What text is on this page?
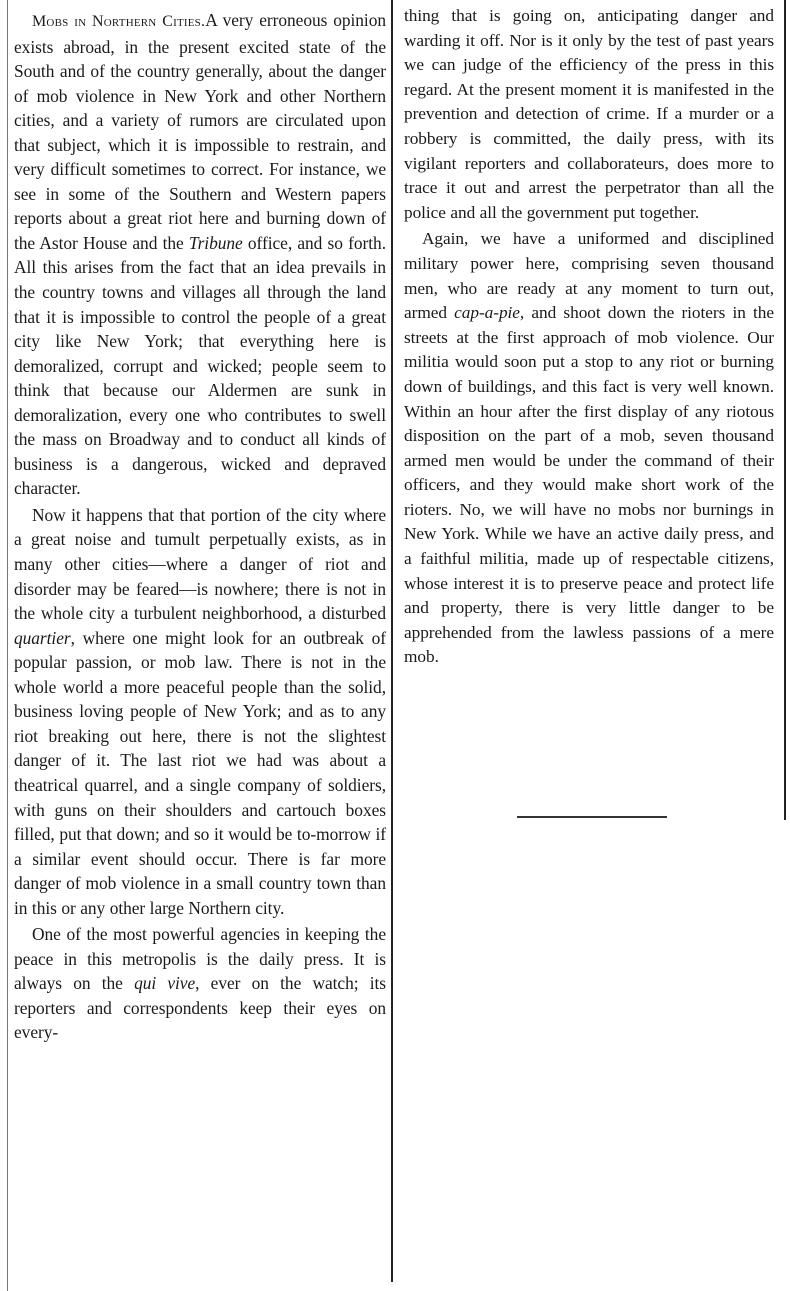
Mobs in Northern Cities.A very erroneous opinion exists abroad, in the present excited state of the South and of the country generally, about the danger of mob violence in New York and other Northern cities, and a variety of rumors are circulated upon that subject, which it is impossible to restrain, and very difficult sometimes to correct. For instance, we see in some of the Southern and Western papers reports about a great riot here and burning down of the Astor House and the Tribune office, and so forth. All this arises from the fact that an idea prevails in the country towns and villages all through the land that it is impossible to control the people of a great city like New York; that everything here is demoralized, corrupt and wicked; people seem to think that because our Aldermen are sunk in demoralization, every one who contributes to swell the mass on Broadway and to conduct all kinds of business is a dangerous, wicked and depraved character.

Now it happens that that portion of the city where a great noise and tumult perpetually exists, as in many other cities—where a danger of riot and disorder may be feared—is nowhere; there is not in the whole city a turbulent neighborhood, a disturbed quartier, where one might look for an outbreak of popular passion, or mob law. There is not in the whole world a more peaceful people than the solid, business loving people of New York; and as to any riot breaking out here, there is not the slightest danger of it. The last riot we had was about a theatrical quarrel, and a single company of soldiers, with guns on their shoulders and cartouch boxes filled, put that down; and so it would be to-morrow if a similar event should occur. There is far more danger of mob violence in a small country town than in this or any other large Northern city.

One of the most powerful agencies in keeping the peace in this metropolis is the daily press. It is always on the qui vive, ever on the watch; its reporters and correspondents keep their eyes on every-

thing that is going on, anticipating danger and warding it off. Nor is it only by the test of past years we can judge of the efficiency of the press in this regard. At the present moment it is manifested in the prevention and detection of crime. If a murder or a robbery is committed, the daily press, with its vigilant reporters and collaborateurs, does more to trace it out and arrest the perpetrator than all the police and all the government put together.

Again, we have a uniformed and disciplined military power here, comprising seven thousand men, who are ready at any moment to turn out, armed cap-a-pie, and shoot down the rioters in the streets at the first approach of mob violence. Our militia would soon put a stop to any riot or burning down of buildings, and this fact is very well known. Within an hour after the first display of any riotous disposition on the part of a mob, seven thousand armed men would be under the command of their officers, and they would make short work of the rioters. No, we will have no mobs nor burnings in New York. While we have an active daily press, and a faithful militia, made up of respectable citizens, whose interest it is to preserve peace and protect life and property, there is very little danger to be apprehended from the lawless passions of a mere mob.
